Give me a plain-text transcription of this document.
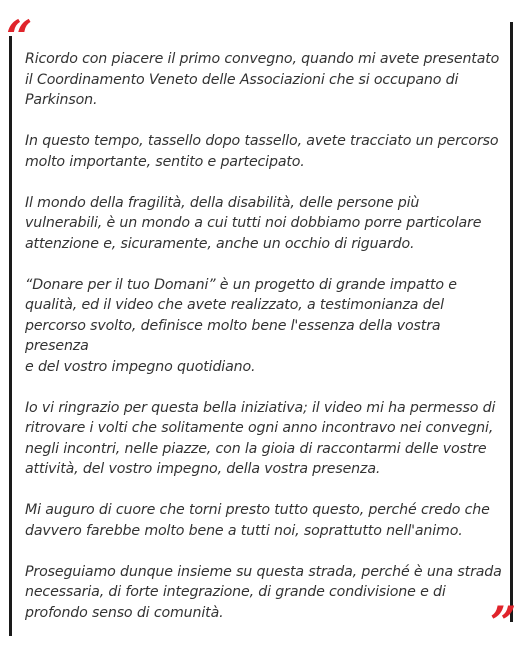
“

Ricordo con piacere il primo convegno, quando mi avete presentato
il Coordinamento Veneto delle Associazioni che si occupano di
Parkinson.

In questo tempo, tassello dopo tassello, avete tracciato un percorso
molto importante, sentito e partecipato.

Il mondo della fragilità, della disabilità, delle persone più
vulnerabili, è un mondo a cui tutti noi dobbiamo porre particolare
attenzione e, sicuramente, anche un occhio di riguardo.

“Donare per il tuo Domani” è un progetto di grande impatto e
qualità, ed il video che avete realizzato, a testimonianza del
percorso svolto, definisce molto bene l'essenza della vostra presenza
e del vostro impegno quotidiano.

Io vi ringrazio per questa bella iniziativa; il video mi ha permesso di
ritrovare i volti che solitamente ogni anno incontravo nei convegni,
negli incontri, nelle piazze, con la gioia di raccontarmi delle vostre
attività, del vostro impegno, della vostra presenza.

Mi auguro di cuore che torni presto tutto questo, perché credo che
davvero farebbe molto bene a tutti noi, soprattutto nell'animo.

Proseguiamo dunque insieme su questa strada, perché è una strada
necessaria, di forte integrazione, di grande condivisione e di
profondo senso di comunità.	”
